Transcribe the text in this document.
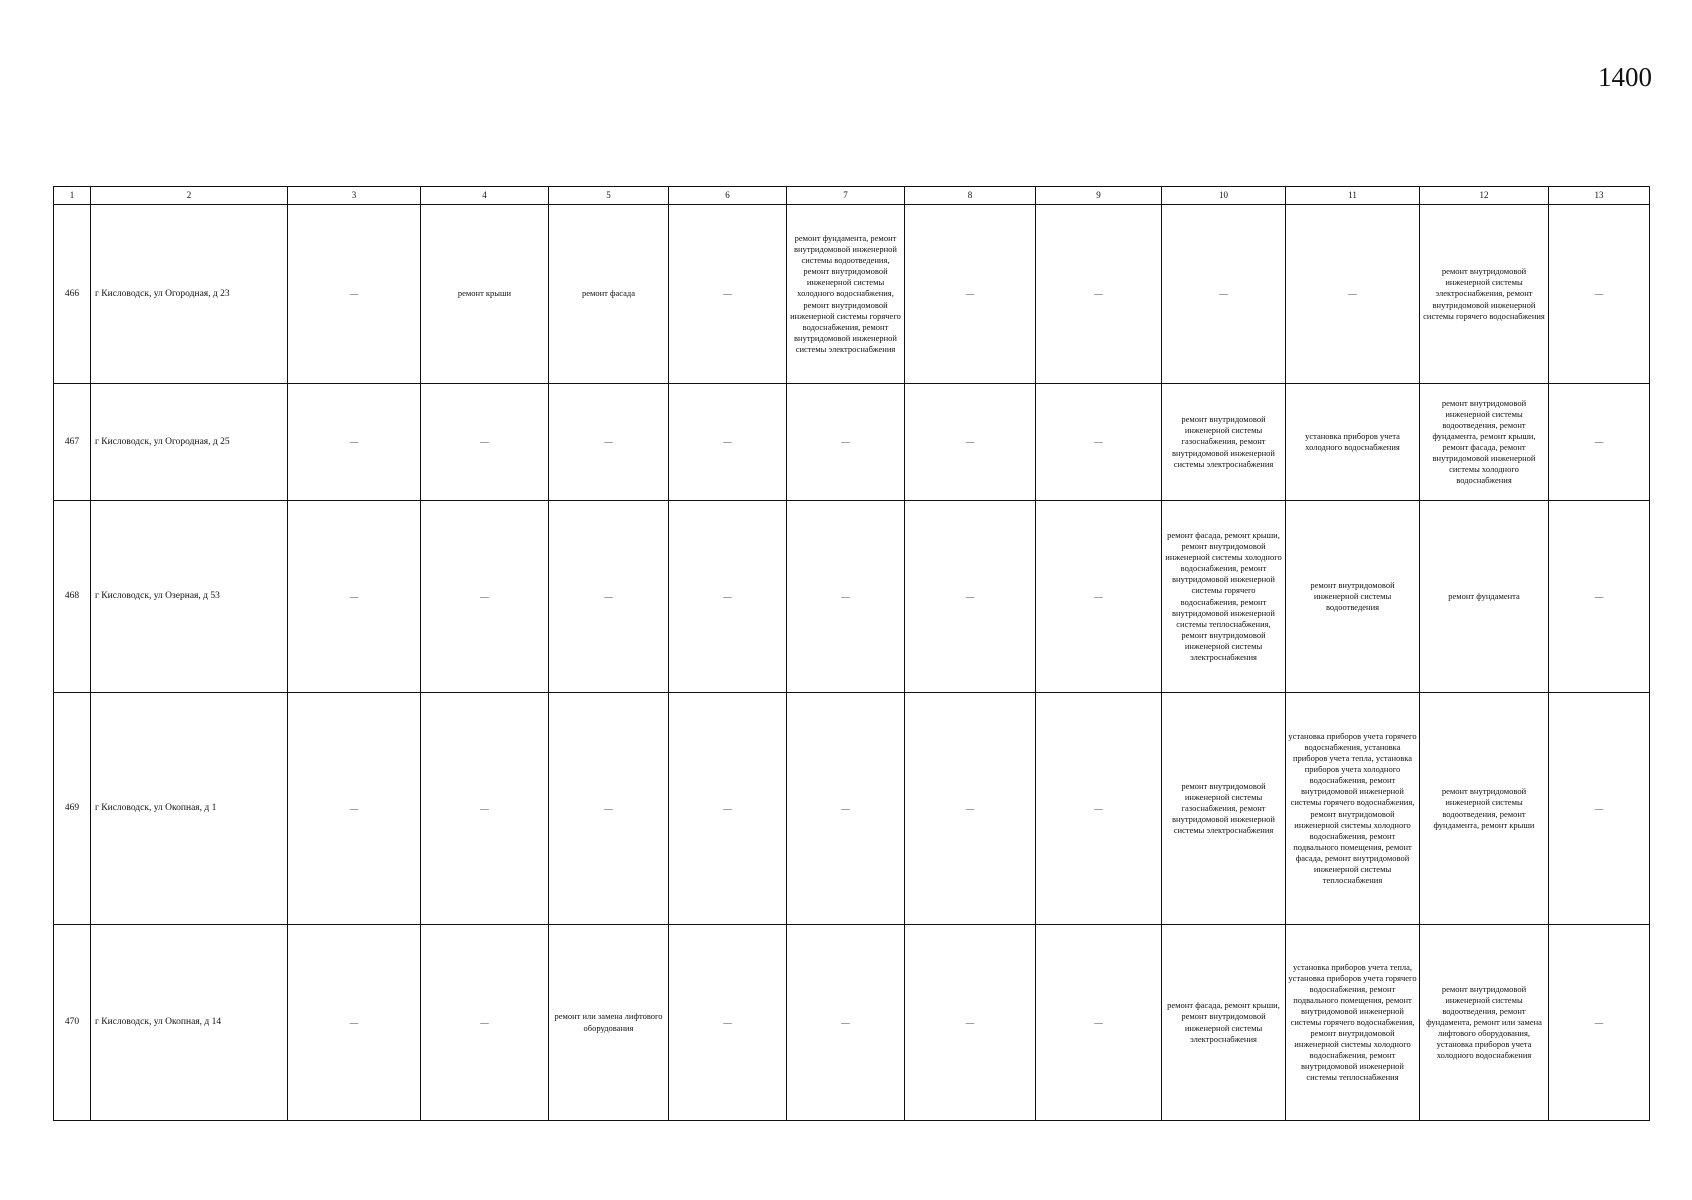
1400
1	2	3	4	5	6	7	8	9	10	11	12	13
466	г Кисловодск, ул Огородная, д 23	—	ремонт крыши	ремонт фасада	—	ремонт фундамента, ремонт внутридомовой инженерной системы водоотведения, ремонт внутридомовой инженерной системы холодного водоснабжения, ремонт внутридомовой инженерной системы горячего водоснабжения, ремонт внутридомовой инженерной системы электроснабжения	—	—	—	—	ремонт внутридомовой инженерной системы электроснабжения, ремонт внутридомовой инженерной системы горячего водоснабжения	—
467	г Кисловодск, ул Огородная, д 25	—	—	—	—	—	—	—	ремонт внутридомовой инженерной системы газоснабжения, ремонт внутридомовой инженерной системы электроснабжения	установка приборов учета холодного водоснабжения	ремонт внутридомовой инженерной системы водоотведения, ремонт фундамента, ремонт крыши, ремонт фасада, ремонт внутридомовой инженерной системы холодного водоснабжения	—
468	г Кисловодск, ул Озерная, д 53	—	—	—	—	—	—	—	ремонт фасада, ремонт крыши, ремонт внутридомовой инженерной системы холодного водоснабжения, ремонт внутридомовой инженерной системы горячего водоснабжения, ремонт внутридомовой инженерной системы теплоснабжения, ремонт внутридомовой инженерной системы электроснабжения	ремонт внутридомовой инженерной системы водоотведения	ремонт фундамента	—
469	г Кисловодск, ул Окопная, д 1	—	—	—	—	—	—	—	ремонт внутридомовой инженерной системы газоснабжения, ремонт внутридомовой инженерной системы электроснабжения	установка приборов учета горячего водоснабжения, установка приборов учета тепла, установка приборов учета холодного водоснабжения, ремонт внутридомовой инженерной системы горячего водоснабжения, ремонт внутридомовой инженерной системы холодного водоснабжения, ремонт подвального помещения, ремонт фасада, ремонт внутридомовой инженерной системы теплоснабжения	ремонт внутридомовой инженерной системы водоотведения, ремонт фундамента, ремонт крыши	—
470	г Кисловодск, ул Окопная, д 14	—	—	ремонт или замена лифтового оборудования	—	—	—	—	ремонт фасада, ремонт крыши, ремонт внутридомовой инженерной системы электроснабжения	установка приборов учета тепла, установка приборов учета горячего водоснабжения, ремонт подвального помещения, ремонт внутридомовой инженерной системы горячего водоснабжения, ремонт внутридомовой инженерной системы холодного водоснабжения, ремонт внутридомовой инженерной системы теплоснабжения	ремонт внутридомовой инженерной системы водоотведения, ремонт фундамента, ремонт или замена лифтового оборудования, установка приборов учета холодного водоснабжения	—
